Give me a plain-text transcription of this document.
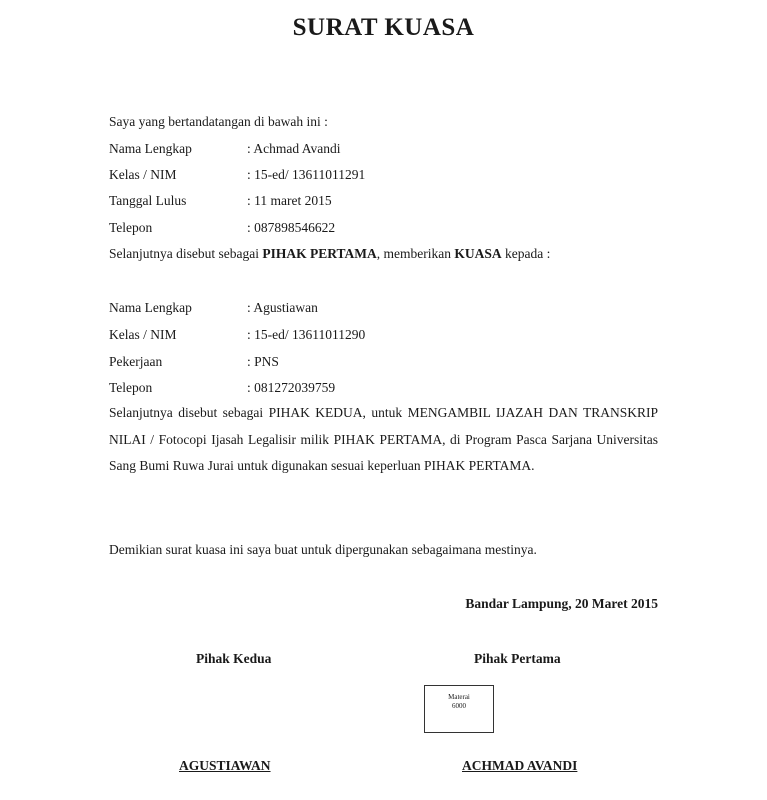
SURAT KUASA
Saya yang bertandatangan di bawah ini :
Nama Lengkap	: Achmad Avandi
Kelas / NIM	: 15-ed/ 13611011291
Tanggal Lulus	: 11 maret 2015
Telepon	: 087898546622
Selanjutnya disebut sebagai PIHAK PERTAMA, memberikan KUASA kepada :
Nama Lengkap	: Agustiawan
Kelas / NIM	: 15-ed/ 13611011290
Pekerjaan	: PNS
Telepon	: 081272039759
Selanjutnya disebut sebagai PIHAK KEDUA, untuk MENGAMBIL IJAZAH DAN TRANSKRIP NILAI / Fotocopi Ijasah Legalisir milik PIHAK PERTAMA, di Program Pasca Sarjana Universitas Sang Bumi Ruwa Jurai untuk digunakan sesuai keperluan PIHAK PERTAMA.
Demikian surat kuasa ini saya buat untuk dipergunakan sebagaimana mestinya.
Bandar Lampung, 20 Maret 2015
Pihak Kedua	Pihak Pertama
Materai
6000
AGUSTIAWAN	ACHMAD AVANDI
